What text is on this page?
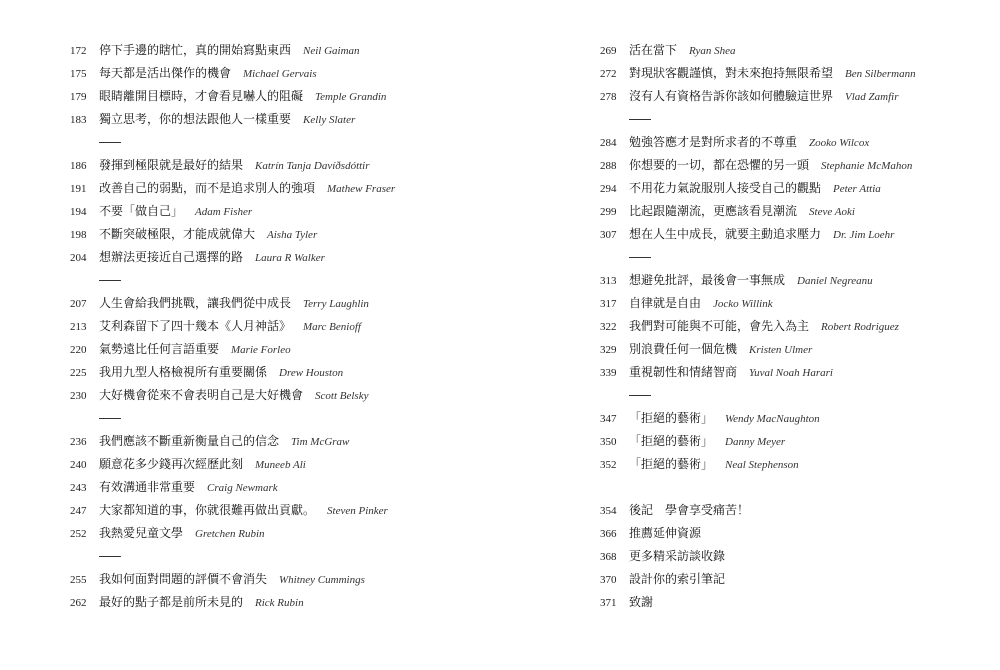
172	停下手邊的瞎忙，真的開始寫點東西 Neil Gaiman
175	每天都是活出傑作的機會 Michael Gervais
179	眼睛離開目標時，才會看見嚇人的阻礙 Temple Grandin
183	獨立思考，你的想法跟他人一樣重要 Kelly Slater
186	發揮到極限就是最好的結果 Katrín Tanja Davíðsdóttir
191	改善自己的弱點，而不是追求別人的強項 Mathew Fraser
194	不要「做自己」 Adam Fisher
198	不斷突破極限，才能成就偉大 Aisha Tyler
204	想辦法更接近自己選擇的路 Laura R Walker
207	人生會給我們挑戰，讓我們從中成長 Terry Laughlin
213	艾利森留下了四十幾本《人月神話》 Marc Benioff
220	氣勢遠比任何言語重要 Marie Forleo
225	我用九型人格檢視所有重要關係 Drew Houston
230	大好機會從來不會表明自己是大好機會 Scott Belsky
236	我們應該不斷重新衡量自己的信念 Tim McGraw
240	願意花多少錢再次經歷此刻 Muneeb Ali
243	有效溝通非常重要 Craig Newmark
247	大家都知道的事，你就很難再做出貢獻。 Steven Pinker
252	我熱愛兒童文學 Gretchen Rubin
255	我如何面對問題的評價不會消失 Whitney Cummings
262	最好的點子都是前所未見的 Rick Rubin
269	活在當下 Ryan Shea
272	對現狀客觀謹慎，對未來抱持無限希望 Ben Silbermann
278	沒有人有資格告訴你該如何體驗這世界 Vlad Zamfir
284	勉強答應才是對所求者的不尊重 Zooko Wilcox
288	你想要的一切，都在恐懼的另一頭 Stephanie McMahon
294	不用花力氣說服別人接受自己的觀點 Peter Attia
299	比起跟隨潮流，更應該看見潮流 Steve Aoki
307	想在人生中成長，就要主動追求壓力 Dr. Jim Loehr
313	想避免批評，最後會一事無成 Daniel Negreanu
317	自律就是自由 Jocko Willink
322	我們對可能與不可能，會先入為主 Robert Rodriguez
329	別浪費任何一個危機 Kristen Ulmer
339	重視韌性和情緒智商 Yuval Noah Harari
347	「拒絕的藝術」 Wendy MacNaughton
350	「拒絕的藝術」 Danny Meyer
352	「拒絕的藝術」 Neal Stephenson
354	後記　學會享受痛苦！
366	推薦延伸資源
368	更多精采訪談收錄
370	設計你的索引筆記
371	致謝
